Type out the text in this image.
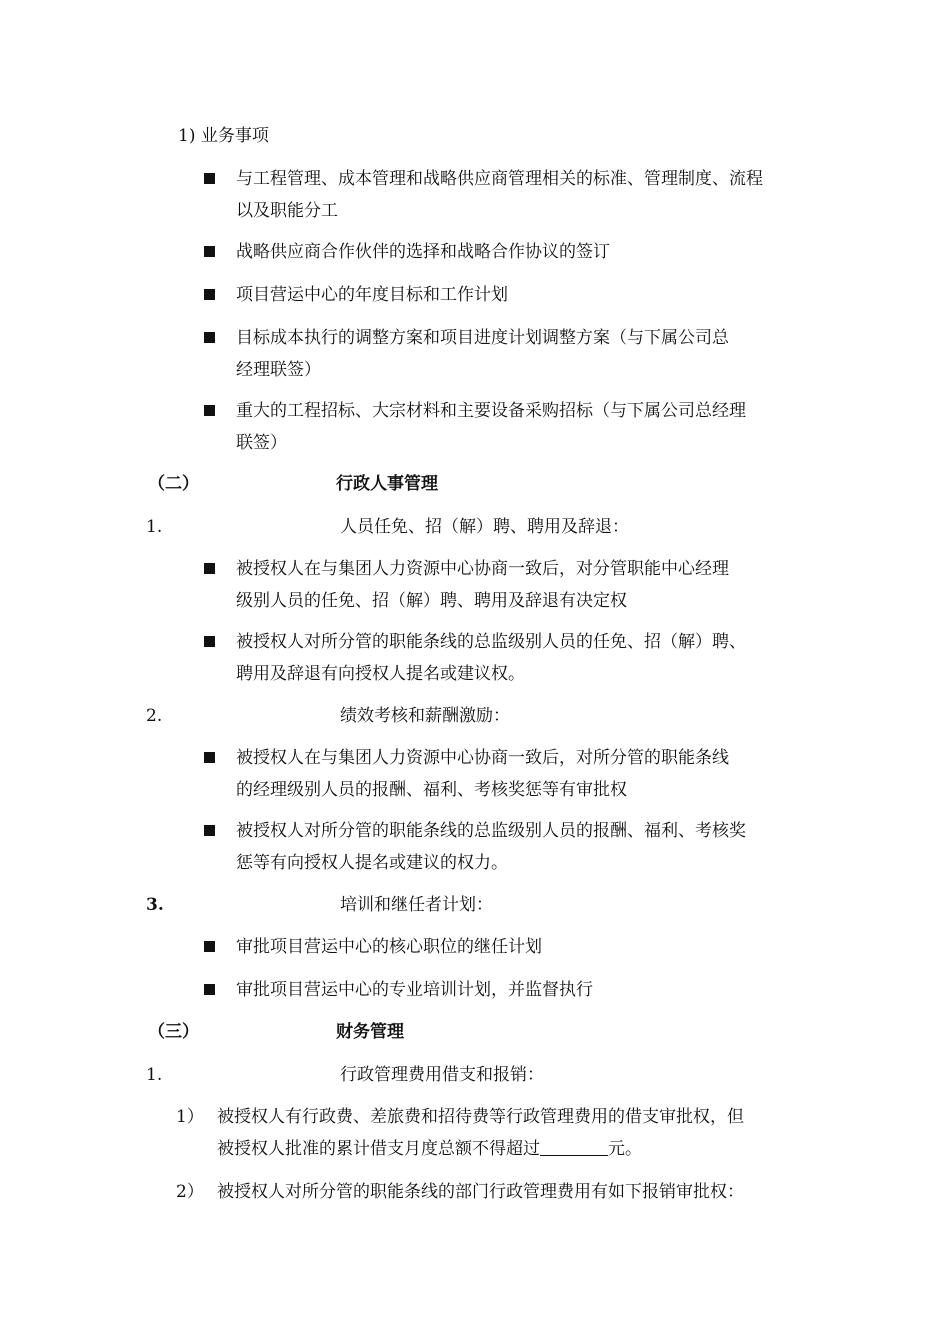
1) 业务事项
与工程管理、成本管理和战略供应商管理相关的标准、管理制度、流程
以及职能分工
战略供应商合作伙伴的选择和战略合作协议的签订
项目营运中心的年度目标和工作计划
目标成本执行的调整方案和项目进度计划调整方案（与下属公司总
经理联签）
重大的工程招标、大宗材料和主要设备采购招标（与下属公司总经理
联签）
（二）	行政人事管理
1.	人员任免、招（解）聘、聘用及辞退：
被授权人在与集团人力资源中心协商一致后，对分管职能中心经理
级别人员的任免、招（解）聘、聘用及辞退有决定权
被授权人对所分管的职能条线的总监级别人员的任免、招（解）聘、
聘用及辞退有向授权人提名或建议权。
2.	绩效考核和薪酬激励：
被授权人在与集团人力资源中心协商一致后，对所分管的职能条线
的经理级别人员的报酬、福利、考核奖惩等有审批权
被授权人对所分管的职能条线的总监级别人员的报酬、福利、考核奖
惩等有向授权人提名或建议的权力。
3.	培训和继任者计划：
审批项目营运中心的核心职位的继任计划
审批项目营运中心的专业培训计划，并监督执行
（三）	财务管理
1.	行政管理费用借支和报销：
1） 被授权人有行政费、差旅费和招待费等行政管理费用的借支审批权，但
被授权人批准的累计借支月度总额不得超过	元。
2） 被授权人对所分管的职能条线的部门行政管理费用有如下报销审批权：
